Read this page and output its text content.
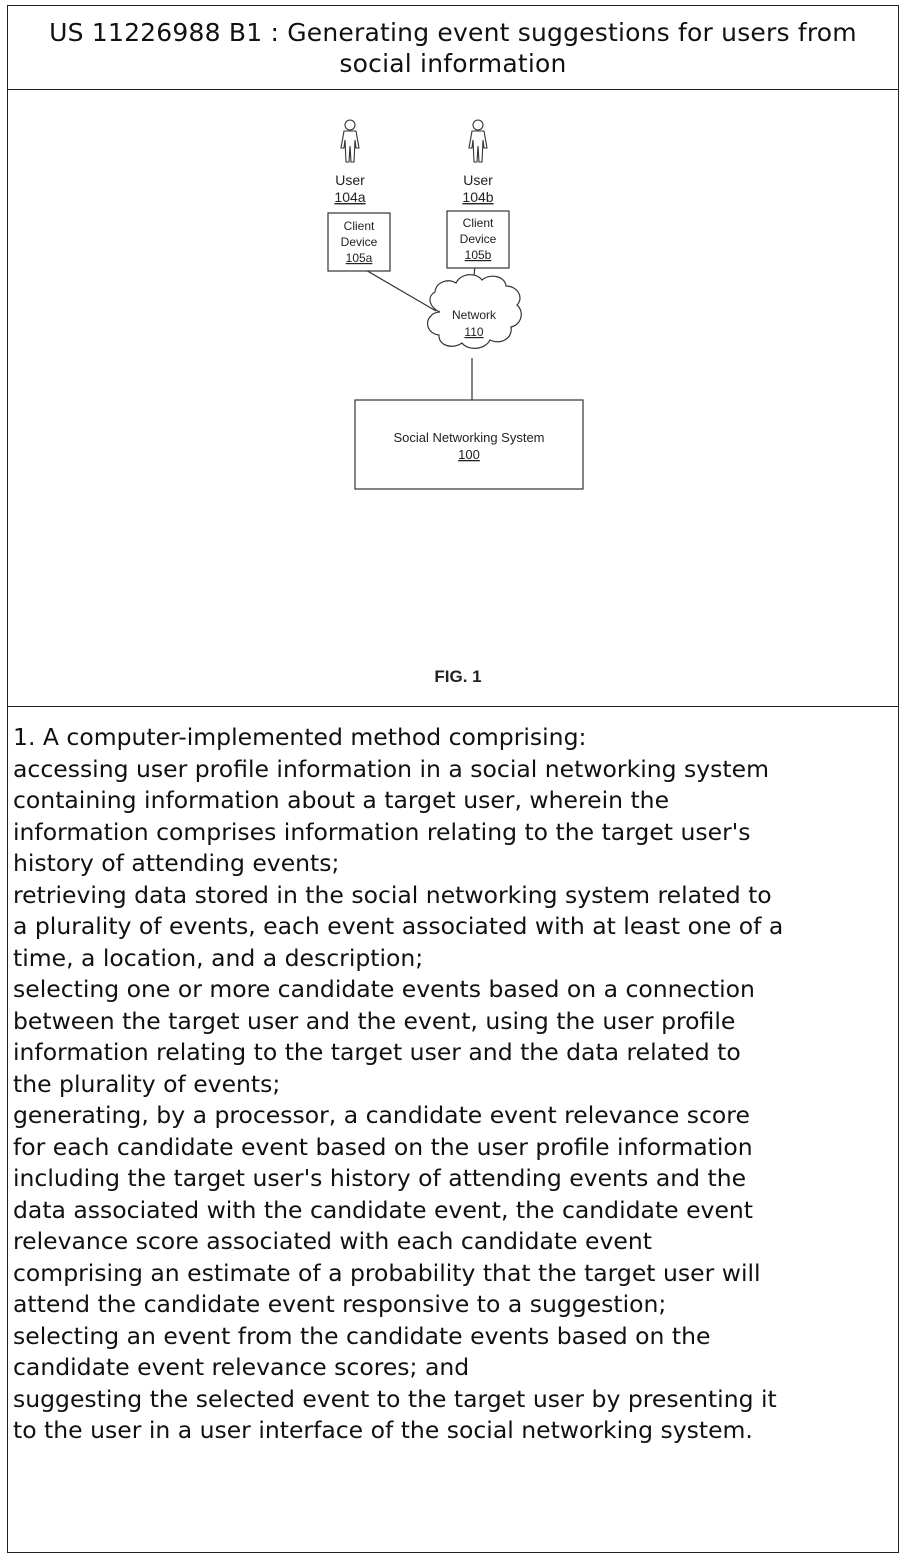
US 11226988 B1 : Generating event suggestions for users from
social information
User
104a
User
104b
Client
Device
105a
Client
Device
105b
Network
110
Social Networking System
100
FIG. 1
1. A computer-implemented method comprising:
accessing user profile information in a social networking system
containing information about a target user, wherein the
information comprises information relating to the target user's
history of attending events;
retrieving data stored in the social networking system related to
a plurality of events, each event associated with at least one of a
time, a location, and a description;
selecting one or more candidate events based on a connection
between the target user and the event, using the user profile
information relating to the target user and the data related to
the plurality of events;
generating, by a processor, a candidate event relevance score
for each candidate event based on the user profile information
including the target user's history of attending events and the
data associated with the candidate event, the candidate event
relevance score associated with each candidate event
comprising an estimate of a probability that the target user will
attend the candidate event responsive to a suggestion;
selecting an event from the candidate events based on the
candidate event relevance scores; and
suggesting the selected event to the target user by presenting it
to the user in a user interface of the social networking system.
